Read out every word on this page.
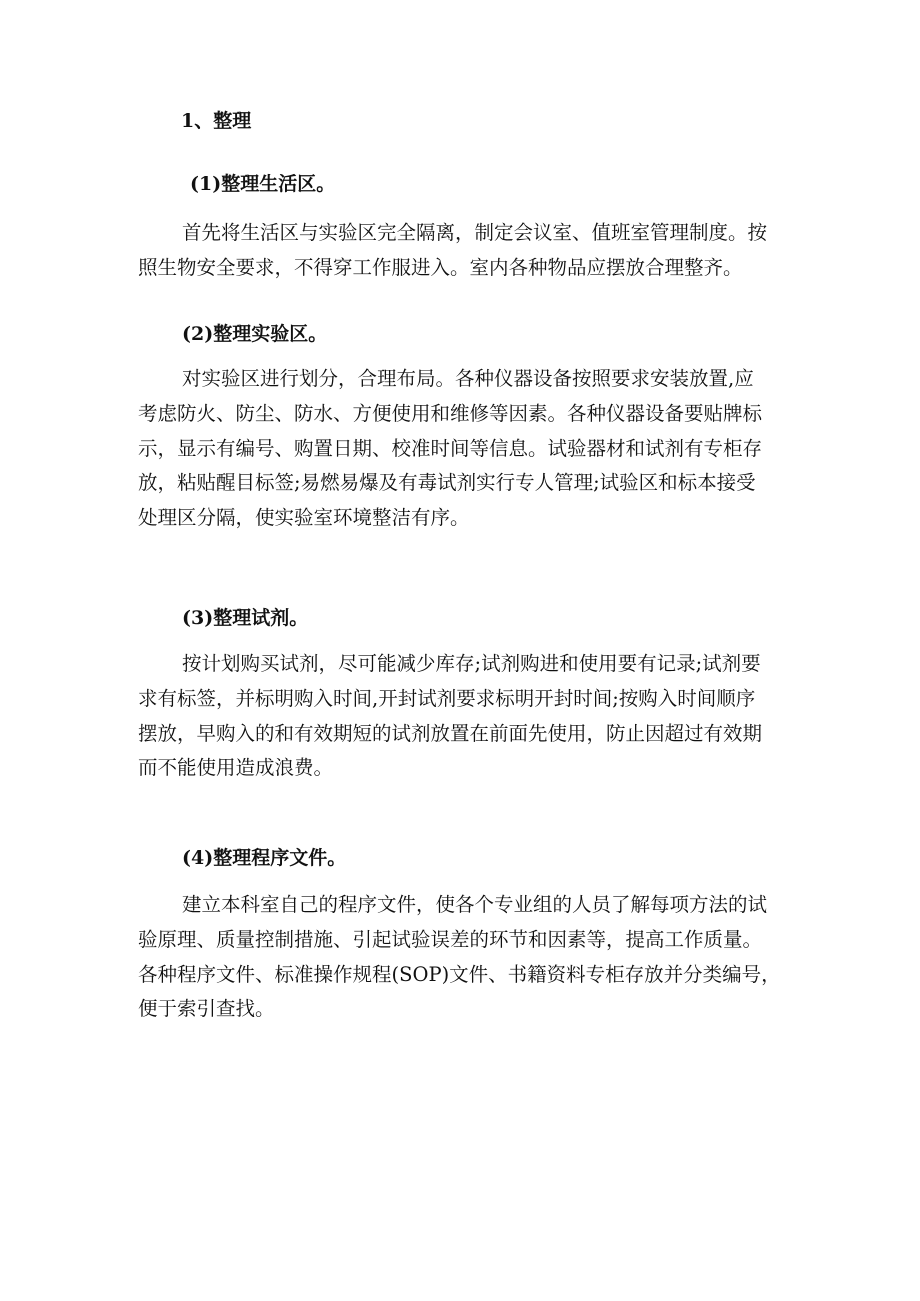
1、整理
(1)整理生活区。
首先将生活区与实验区完全隔离，制定会议室、值班室管理制度。按
照生物安全要求，不得穿工作服进入。室内各种物品应摆放合理整齐。
(2)整理实验区。
对实验区进行划分，合理布局。各种仪器设备按照要求安装放置,应
考虑防火、防尘、防水、方便使用和维修等因素。各种仪器设备要贴牌标
示，显示有编号、购置日期、校准时间等信息。试验器材和试剂有专柜存
放，粘贴醒目标签;易燃易爆及有毒试剂实行专人管理;试验区和标本接受
处理区分隔，使实验室环境整洁有序。
(3)整理试剂。
按计划购买试剂，尽可能减少库存;试剂购进和使用要有记录;试剂要
求有标签，并标明购入时间,开封试剂要求标明开封时间;按购入时间顺序
摆放，早购入的和有效期短的试剂放置在前面先使用，防止因超过有效期
而不能使用造成浪费。
(4)整理程序文件。
建立本科室自己的程序文件，使各个专业组的人员了解每项方法的试
验原理、质量控制措施、引起试验误差的环节和因素等，提高工作质量。
各种程序文件、标准操作规程(SOP)文件、书籍资料专柜存放并分类编号，
便于索引查找。
